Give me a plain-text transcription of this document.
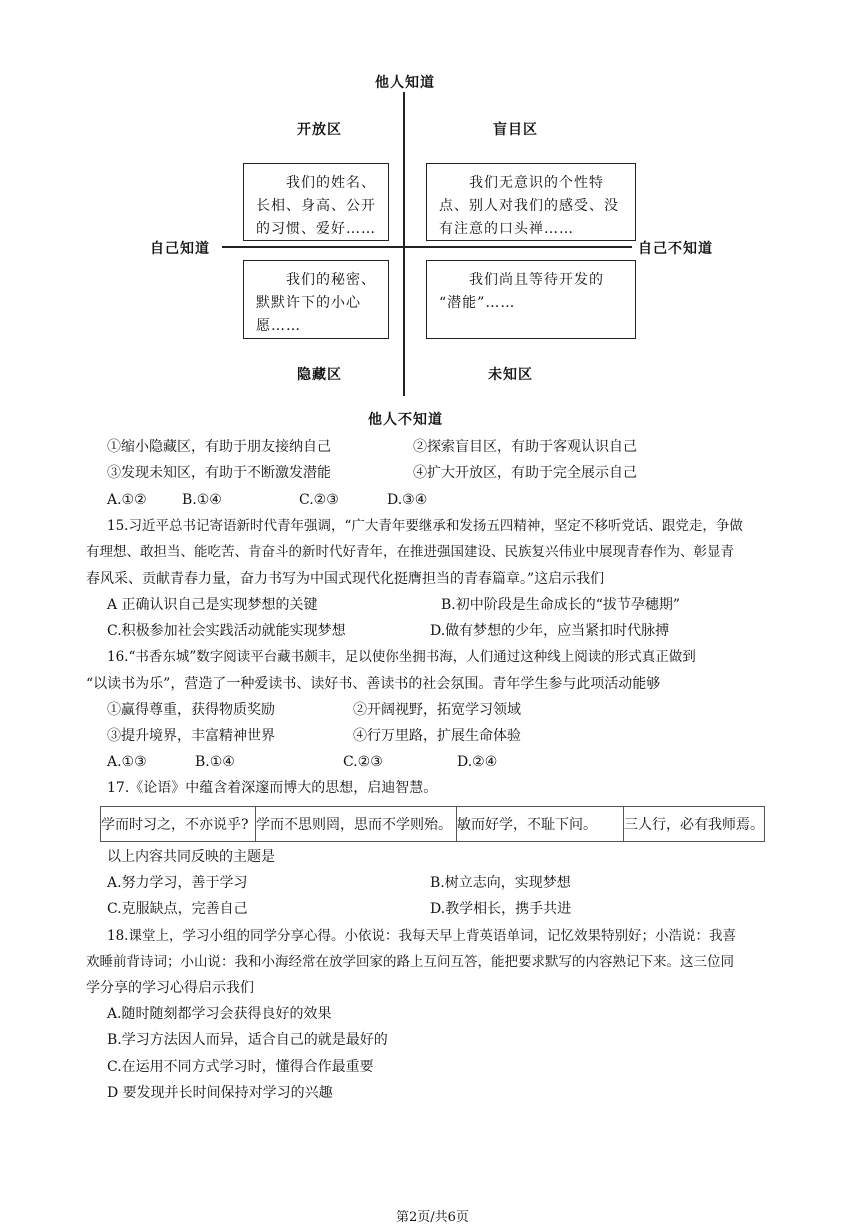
他人知道
他人不知道
自己知道	自己不知道
开放区	盲目区
隐藏区	未知区
我们的姓名、
长相、身高、公开
的习惯、爱好……
我们无意识的个性特
点、别人对我们的感受、没
有注意的口头禅……
我们的秘密、
默默许下的小心
愿……
我们尚且等待开发的
“潜能”……
①缩小隐藏区，有助于朋友接纳自己	②探索盲目区，有助于客观认识自己
③发现未知区，有助于不断激发潜能	④扩大开放区，有助于完全展示自己
A.①②	B.①④	C.②③	D.③④
15.习近平总书记寄语新时代青年强调，“广大青年要继承和发扬五四精神，坚定不移听党话、跟党走，争做
有理想、敢担当、能吃苦、肯奋斗的新时代好青年，在推进强国建设、民族复兴伟业中展现青春作为、彰显青
春风采、贡献青春力量，奋力书写为中国式现代化挺膺担当的青春篇章。”这启示我们
A 正确认识自己是实现梦想的关键	B.初中阶段是生命成长的“拔节孕穗期”
C.积极参加社会实践活动就能实现梦想	D.做有梦想的少年，应当紧扣时代脉搏
16.“书香东城”数字阅读平台藏书颇丰，足以使你坐拥书海，人们通过这种线上阅读的形式真正做到
“以读书为乐”，营造了一种爱读书、读好书、善读书的社会氛围。青年学生参与此项活动能够
①赢得尊重，获得物质奖励	②开阔视野，拓宽学习领域
③提升境界，丰富精神世界	④行万里路，扩展生命体验
A.①③	B.①④	C.②③	D.②④
17.《论语》中蕴含着深邃而博大的思想，启迪智慧。
学而时习之，不亦说乎?	学而不思则罔，思而不学则殆。	敏而好学，不耻下问。	三人行，必有我师焉。
以上内容共同反映的主题是
A.努力学习，善于学习	B.树立志向，实现梦想
C.克服缺点，完善自己	D.教学相长，携手共进
18.课堂上，学习小组的同学分享心得。小依说：我每天早上背英语单词，记忆效果特别好；小浩说：我喜
欢睡前背诗词；小山说：我和小海经常在放学回家的路上互问互答，能把要求默写的内容熟记下来。这三位同
学分享的学习心得启示我们
A.随时随刻都学习会获得良好的效果
B.学习方法因人而异，适合自己的就是最好的
C.在运用不同方式学习时，懂得合作最重要
D 要发现并长时间保持对学习的兴趣
第2页/共6页
